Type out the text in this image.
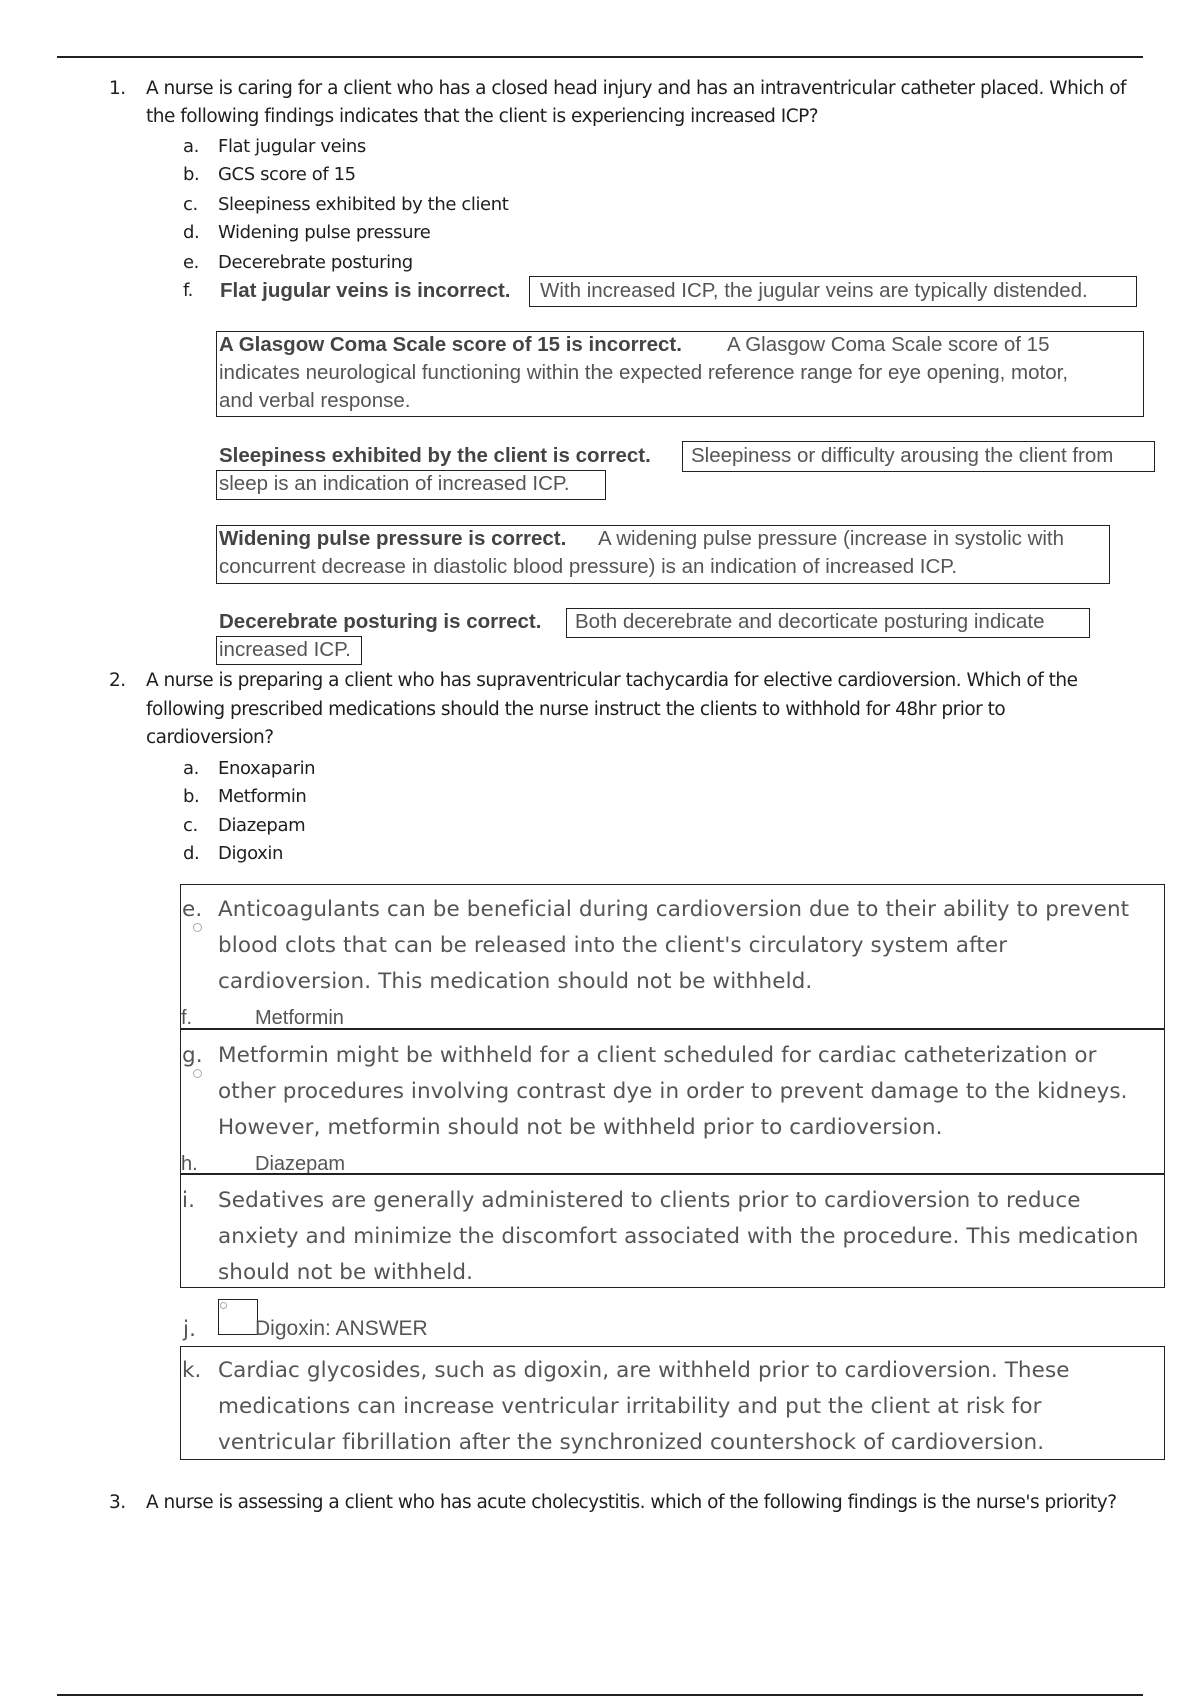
1. A nurse is caring for a client who has a closed head injury and has an intraventricular catheter placed. Which of
the following findings indicates that the client is experiencing increased ICP?
a. Flat jugular veins
b. GCS score of 15
c. Sleepiness exhibited by the client
d. Widening pulse pressure
e. Decerebrate posturing
f. Flat jugular veins is incorrect. With increased ICP, the jugular veins are typically distended.
A Glasgow Coma Scale score of 15 is incorrect. A Glasgow Coma Scale score of 15
indicates neurological functioning within the expected reference range for eye opening, motor,
and verbal response.
Sleepiness exhibited by the client is correct. Sleepiness or difficulty arousing the client from
sleep is an indication of increased ICP.
Widening pulse pressure is correct. A widening pulse pressure (increase in systolic with
concurrent decrease in diastolic blood pressure) is an indication of increased ICP.
Decerebrate posturing is correct. Both decerebrate and decorticate posturing indicate
increased ICP.
2. A nurse is preparing a client who has supraventricular tachycardia for elective cardioversion. Which of the
following prescribed medications should the nurse instruct the clients to withhold for 48hr prior to
cardioversion?
a. Enoxaparin
b. Metformin
c. Diazepam
d. Digoxin
e. Anticoagulants can be beneficial during cardioversion due to their ability to prevent
blood clots that can be released into the client's circulatory system after
cardioversion. This medication should not be withheld.
f.	Metformin
g. Metformin might be withheld for a client scheduled for cardiac catheterization or
other procedures involving contrast dye in order to prevent damage to the kidneys.
However, metformin should not be withheld prior to cardioversion.
h.	Diazepam
i. Sedatives are generally administered to clients prior to cardioversion to reduce
anxiety and minimize the discomfort associated with the procedure. This medication
should not be withheld.
j.	Digoxin: ANSWER
k. Cardiac glycosides, such as digoxin, are withheld prior to cardioversion. These
medications can increase ventricular irritability and put the client at risk for
ventricular fibrillation after the synchronized countershock of cardioversion.
3. A nurse is assessing a client who has acute cholecystitis. which of the following findings is the nurse's priority?
